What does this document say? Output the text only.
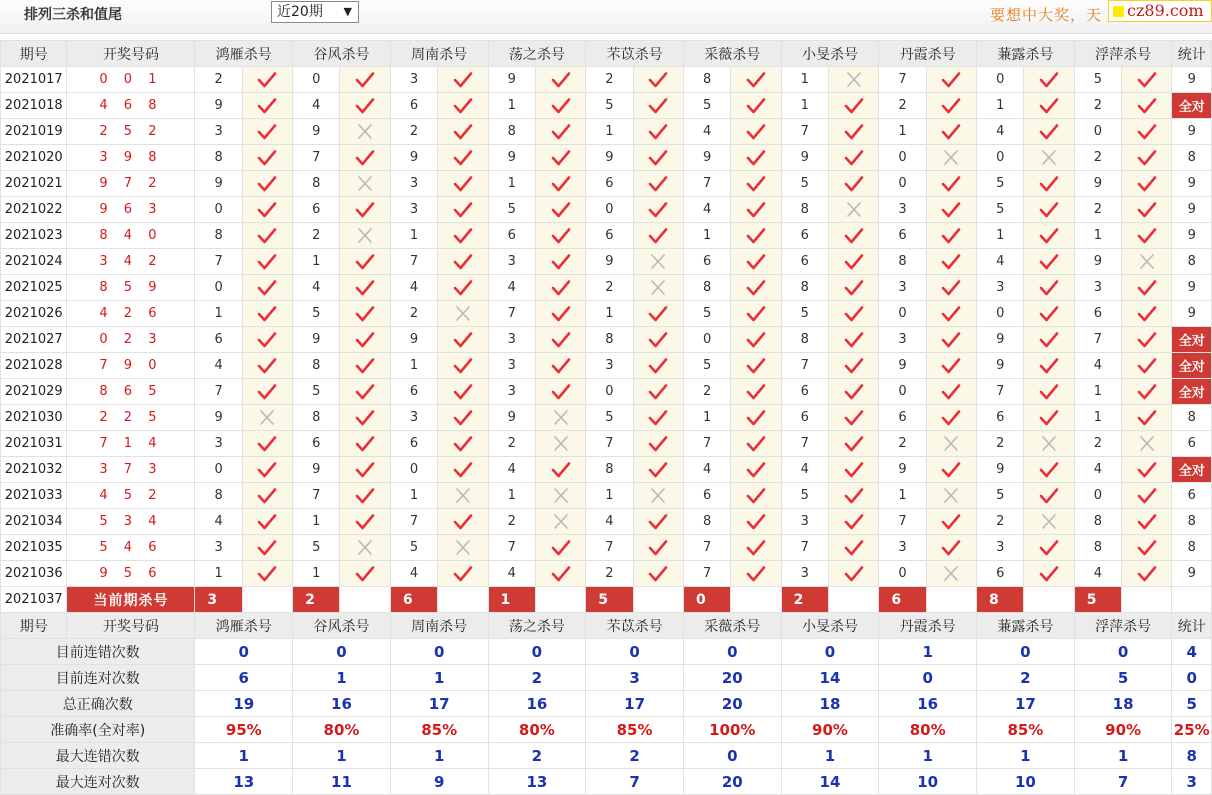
排列三杀和值尾	近20期 ▼	要想中大奖，天	cz89.com
期号	开奖号码	鸿雁杀号		谷风杀号		周南杀号		荡之杀号		芣苡杀号		采薇杀号		小旻杀号		丹霞杀号		蒹露杀号		浮萍杀号		统计
2021017	0 0 1	2		0		3		9		2		8		1		7		0		5		9
2021018	4 6 8	9		4		6		1		5		5		1		2		1		2		全对
2021019	2 5 2	3		9		2		8		1		4		7		1		4		0		9
2021020	3 9 8	8		7		9		9		9		9		9		0		0		2		8
2021021	9 7 2	9		8		3		1		6		7		5		0		5		9		9
2021022	9 6 3	0		6		3		5		0		4		8		3		5		2		9
2021023	8 4 0	8		2		1		6		6		1		6		6		1		1		9
2021024	3 4 2	7		1		7		3		9		6		6		8		4		9		8
2021025	8 5 9	0		4		4		4		2		8		8		3		3		3		9
2021026	4 2 6	1		5		2		7		1		5		5		0		0		6		9
2021027	0 2 3	6		9		9		3		8		0		8		3		9		7		全对
2021028	7 9 0	4		8		1		3		3		5		7		9		9		4		全对
2021029	8 6 5	7		5		6		3		0		2		6		0		7		1		全对
2021030	2 2 5	9		8		3		9		5		1		6		6		6		1		8
2021031	7 1 4	3		6		6		2		7		7		7		2		2		2		6
2021032	3 7 3	0		9		0		4		8		4		4		9		9		4		全对
2021033	4 5 2	8		7		1		1		1		6		5		1		5		0		6
2021034	5 3 4	4		1		7		2		4		8		3		7		2		8		8
2021035	5 4 6	3		5		5		7		7		7		7		3		3		8		8
2021036	9 5 6	1		1		4		4		2		7		3		0		6		4		9
2021037	当前期杀号	3		2		6		1		5		0		2		6		8		5		
期号	开奖号码	鸿雁杀号		谷风杀号		周南杀号		荡之杀号		芣苡杀号		采薇杀号		小旻杀号		丹霞杀号		蒹露杀号		浮萍杀号		统计
目前连错次数		0		0		0		0		0		0		0		1		0		0		4
目前连对次数		6		1		1		2		3		20		14		0		2		5		0
总正确次数		19		16		17		16		17		20		18		16		17		18		5
准确率(全对率)		95%		80%		85%		80%		85%		100%		90%		80%		85%		90%		25%
最大连错次数		1		1		1		2		2		0		1		1		1		1		8
最大连对次数		13		11		9		13		7		20		14		10		10		7		3
